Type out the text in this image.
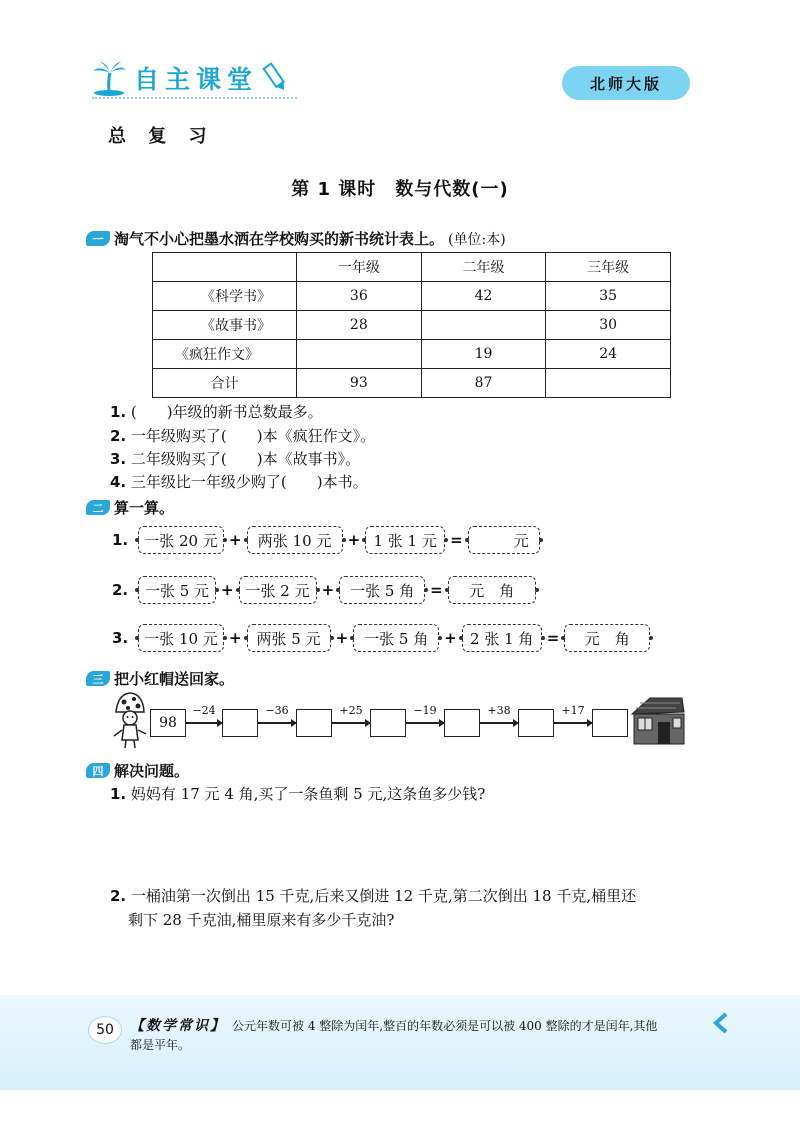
自主课堂	北师大版
总 复 习
第 1 课时　数与代数(一)
一 淘气不小心把墨水洒在学校购买的新书统计表上。 (单位:本)
	一年级	二年级	三年级
《科学书》	36	42	35
《故事书》	28		30
《疯狂作文》		19	24
合计	93	87	
1. (　　)年级的新书总数最多。
2. 一年级购买了(　　)本《疯狂作文》。
3. 二年级购买了(　　)本《故事书》。
4. 三年级比一年级少购了(　　)本书。
二 算一算。
1.	一张 20 元 +	两张 10 元	+ 1 张 1 元 =	元
2.	一张 5 元 + 一张 2 元 +	一张 5 角	=	元　角
3.	一张 10 元 + 两张 5 元 +	一张 5 角	+ 2 张 1 角 =	元　角
三 把小红帽送回家。
98
−24	−36	+25	−19	+38	+17
四 解决问题。
1. 妈妈有 17 元 4 角,买了一条鱼剩 5 元,这条鱼多少钱?
2. 一桶油第一次倒出 15 千克,后来又倒进 12 千克,第二次倒出 18 千克,桶里还
剩下 28 千克油,桶里原来有多少千克油?
50	【数学常识】 公元年数可被 4 整除为闰年,整百的年数必须是可以被 400 整除的才是闰年,其他
都是平年。
